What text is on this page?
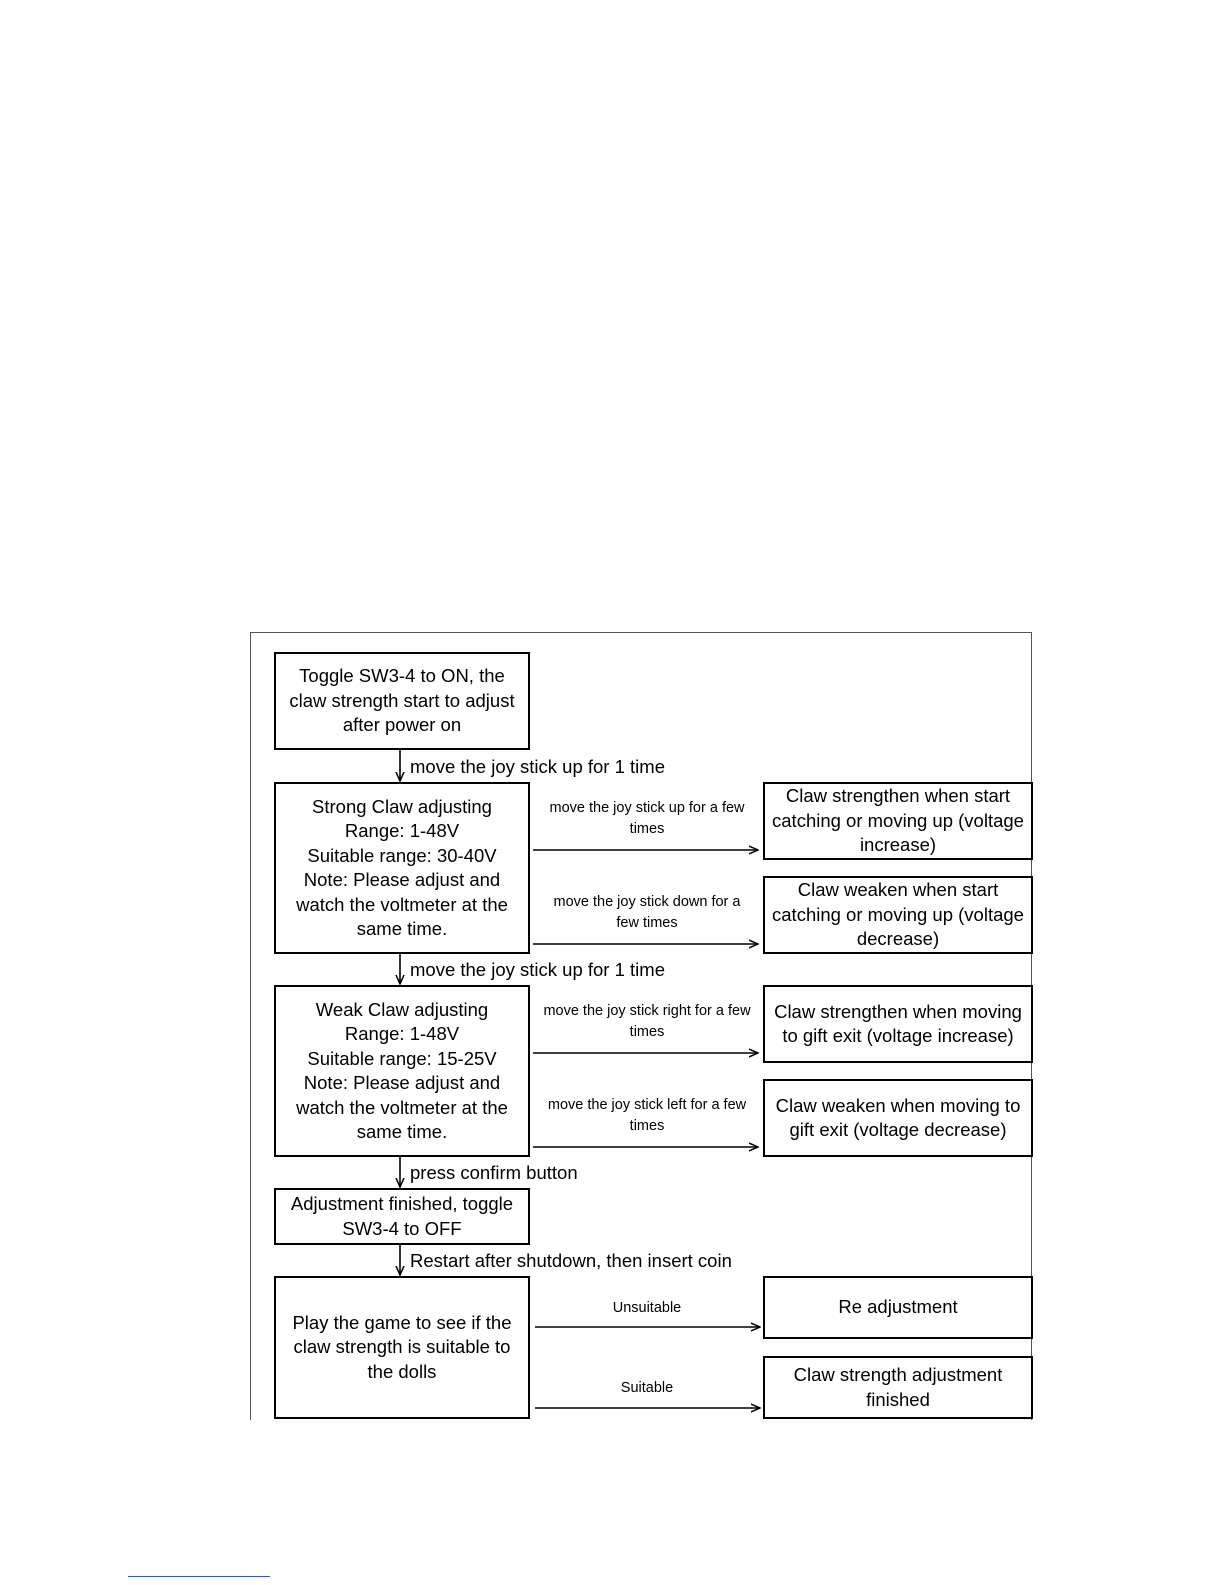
Toggle SW3-4 to ON, the
claw strength start to adjust
after power on
Strong Claw adjusting
Range: 1-48V
Suitable range: 30-40V
Note: Please adjust and
watch the voltmeter at the
same time.
Claw strengthen when start
catching or moving up (voltage
increase)
Claw weaken when start
catching or moving up (voltage
decrease)
Weak Claw adjusting
Range: 1-48V
Suitable range: 15-25V
Note: Please adjust and
watch the voltmeter at the
same time.
Claw strengthen when moving
to gift exit (voltage increase)
Claw weaken when moving to
gift exit (voltage decrease)
Adjustment finished, toggle
SW3-4 to OFF
Play the game to see if the
claw strength is suitable to
the dolls
Re adjustment
Claw strength adjustment
finished
move the joy stick up for 1 time
move the joy stick up for 1 time
press confirm button
Restart after shutdown, then insert coin
move the joy stick up for a few
times
move the joy stick down for a
few times
move the joy stick right for a few
times
move the joy stick left for a few
times
Unsuitable
Suitable
